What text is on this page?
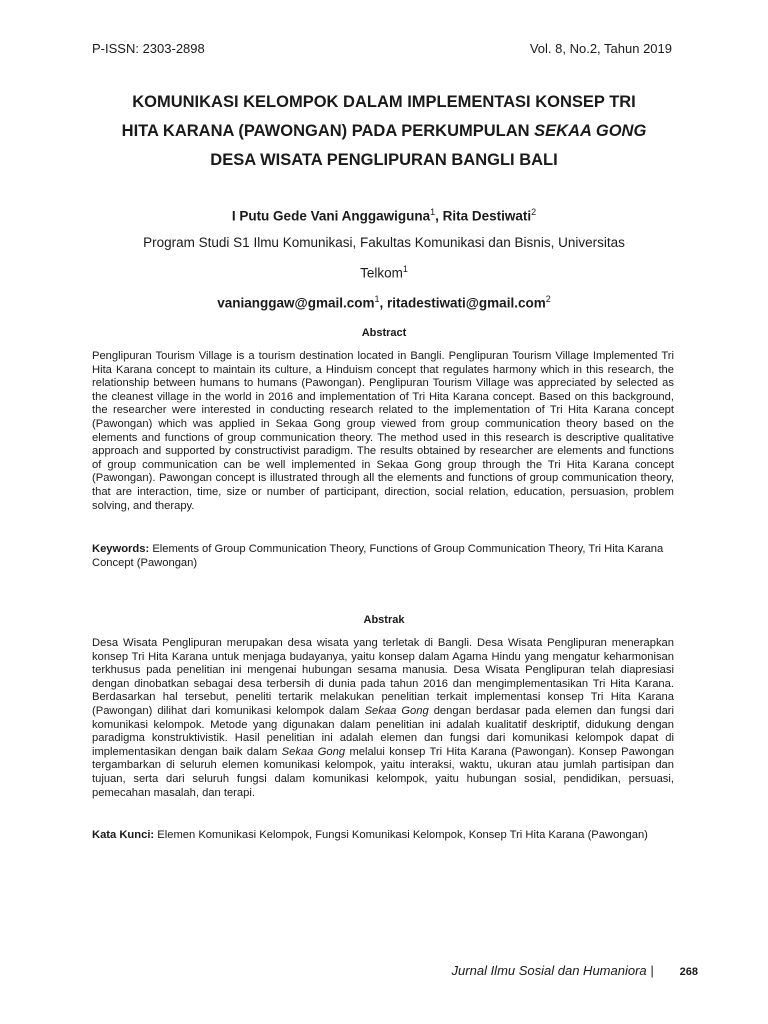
P-ISSN: 2303-2898	Vol. 8, No.2, Tahun 2019
KOMUNIKASI KELOMPOK DALAM IMPLEMENTASI KONSEP TRI
HITA KARANA (PAWONGAN) PADA PERKUMPULAN SEKAA GONG
DESA WISATA PENGLIPURAN BANGLI BALI
I Putu Gede Vani Anggawiguna$^1$, Rita Destiwati$^2$
Program Studi S1 Ilmu Komunikasi, Fakultas Komunikasi dan Bisnis, Universitas
Telkom$^1$
vanianggaw@gmail.com$^1$, ritadestiwati@gmail.com$^2$
Abstract
Penglipuran Tourism Village is a tourism destination located in Bangli. Penglipuran Tourism Village Implemented Tri Hita Karana concept to maintain its culture, a Hinduism concept that regulates harmony which in this research, the relationship between humans to humans (Pawongan). Penglipuran Tourism Village was appreciated by selected as the cleanest village in the world in 2016 and implementation of Tri Hita Karana concept. Based on this background, the researcher were interested in conducting research related to the implementation of Tri Hita Karana concept (Pawongan) which was applied in Sekaa Gong group viewed from group communication theory based on the elements and functions of group communication theory. The method used in this research is descriptive qualitative approach and supported by constructivist paradigm. The results obtained by researcher are elements and functions of group communication can be well implemented in Sekaa Gong group through the Tri Hita Karana concept (Pawongan). Pawongan concept is illustrated through all the elements and functions of group communication theory, that are interaction, time, size or number of participant, direction, social relation, education, persuasion, problem solving, and therapy.
Keywords: Elements of Group Communication Theory, Functions of Group Communication Theory, Tri Hita Karana Concept (Pawongan)
Abstrak
Desa Wisata Penglipuran merupakan desa wisata yang terletak di Bangli. Desa Wisata Penglipuran menerapkan konsep Tri Hita Karana untuk menjaga budayanya, yaitu konsep dalam Agama Hindu yang mengatur keharmonisan terkhusus pada penelitian ini mengenai hubungan sesama manusia. Desa Wisata Penglipuran telah diapresiasi dengan dinobatkan sebagai desa terbersih di dunia pada tahun 2016 dan mengimplementasikan Tri Hita Karana. Berdasarkan hal tersebut, peneliti tertarik melakukan penelitian terkait implementasi konsep Tri Hita Karana (Pawongan) dilihat dari komunikasi kelompok dalam Sekaa Gong dengan berdasar pada elemen dan fungsi dari komunikasi kelompok. Metode yang digunakan dalam penelitian ini adalah kualitatif deskriptif, didukung dengan paradigma konstruktivistik. Hasil penelitian ini adalah elemen dan fungsi dari komunikasi kelompok dapat di implementasikan dengan baik dalam Sekaa Gong melalui konsep Tri Hita Karana (Pawongan). Konsep Pawongan tergambarkan di seluruh elemen komunikasi kelompok, yaitu interaksi, waktu, ukuran atau jumlah partisipan dan tujuan, serta dari seluruh fungsi dalam komunikasi kelompok, yaitu hubungan sosial, pendidikan, persuasi, pemecahan masalah, dan terapi.
Kata Kunci: Elemen Komunikasi Kelompok, Fungsi Komunikasi Kelompok, Konsep Tri Hita Karana (Pawongan)
Jurnal Ilmu Sosial dan Humaniora | 268
